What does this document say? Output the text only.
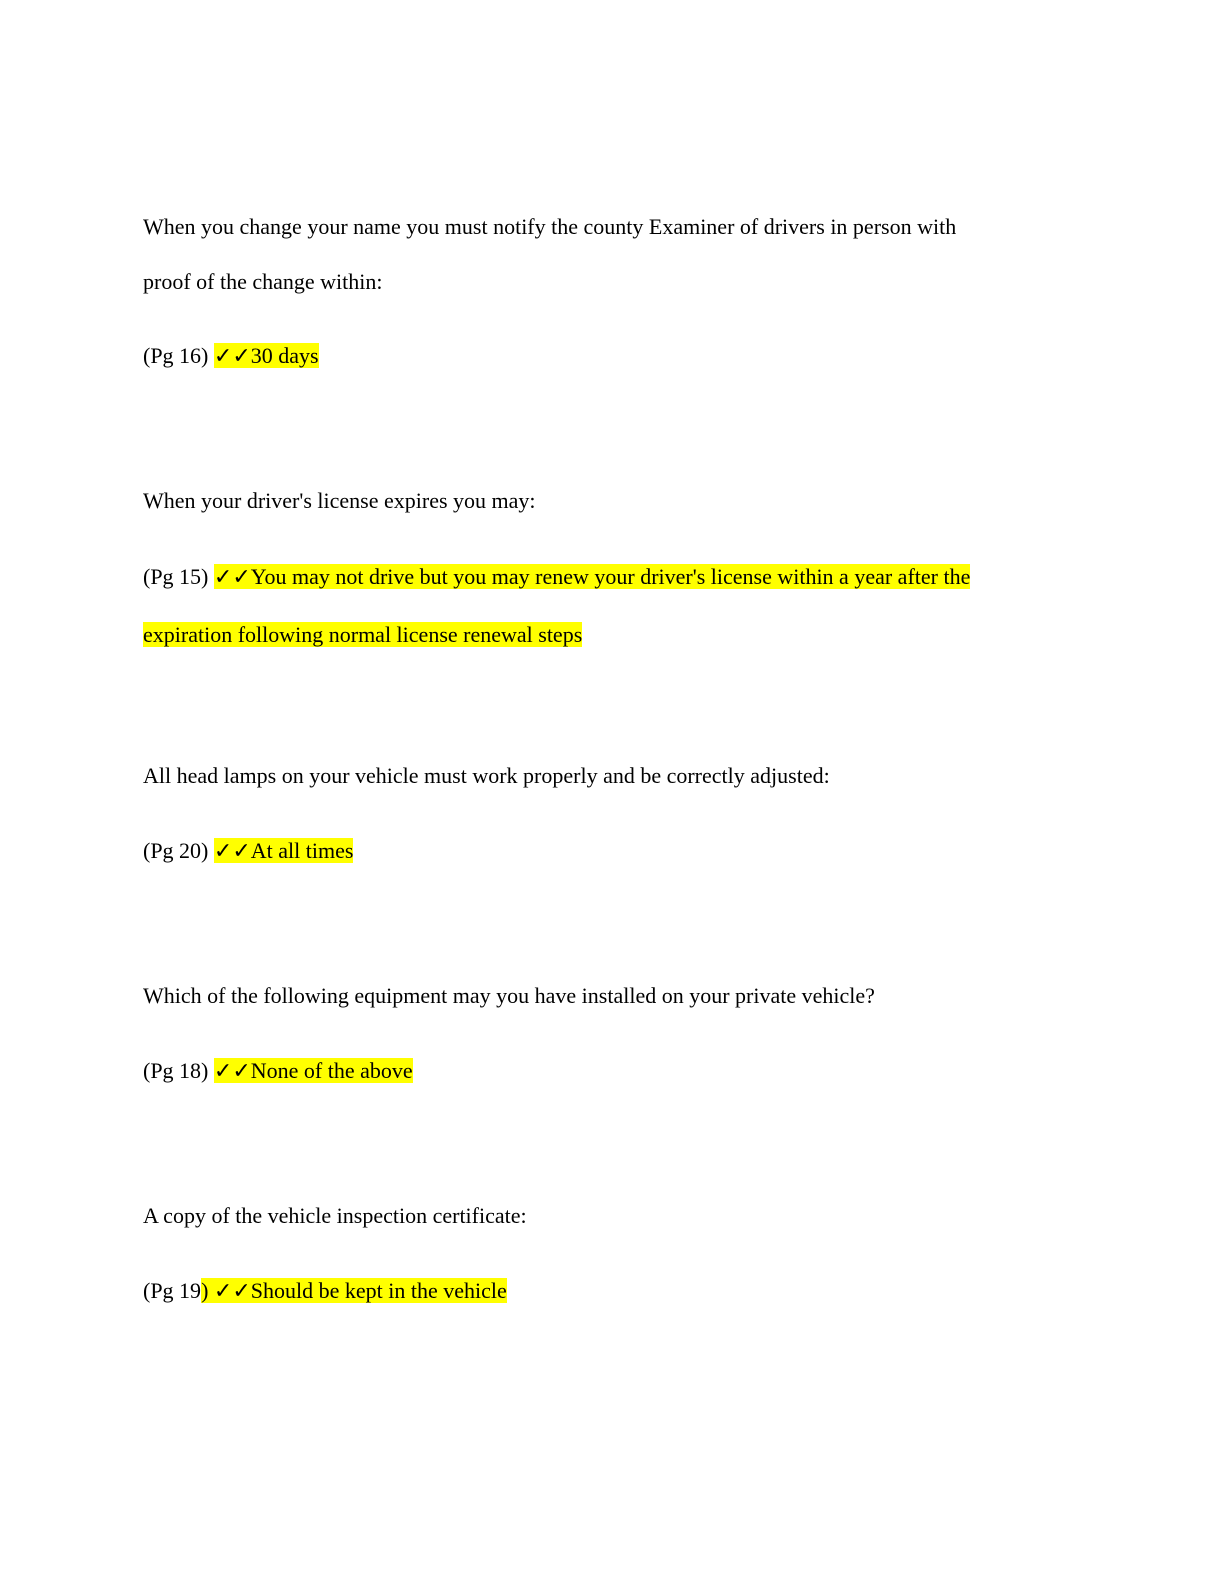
When you change your name you must notify the county Examiner of drivers in person with
proof of the change within:
(Pg 16) ✓✓30 days
When your driver's license expires you may:
(Pg 15) ✓✓You may not drive but you may renew your driver's license within a year after the
expiration following normal license renewal steps
All head lamps on your vehicle must work properly and be correctly adjusted:
(Pg 20) ✓✓At all times
Which of the following equipment may you have installed on your private vehicle?
(Pg 18) ✓✓None of the above
A copy of the vehicle inspection certificate:
(Pg 19) ✓✓Should be kept in the vehicle
